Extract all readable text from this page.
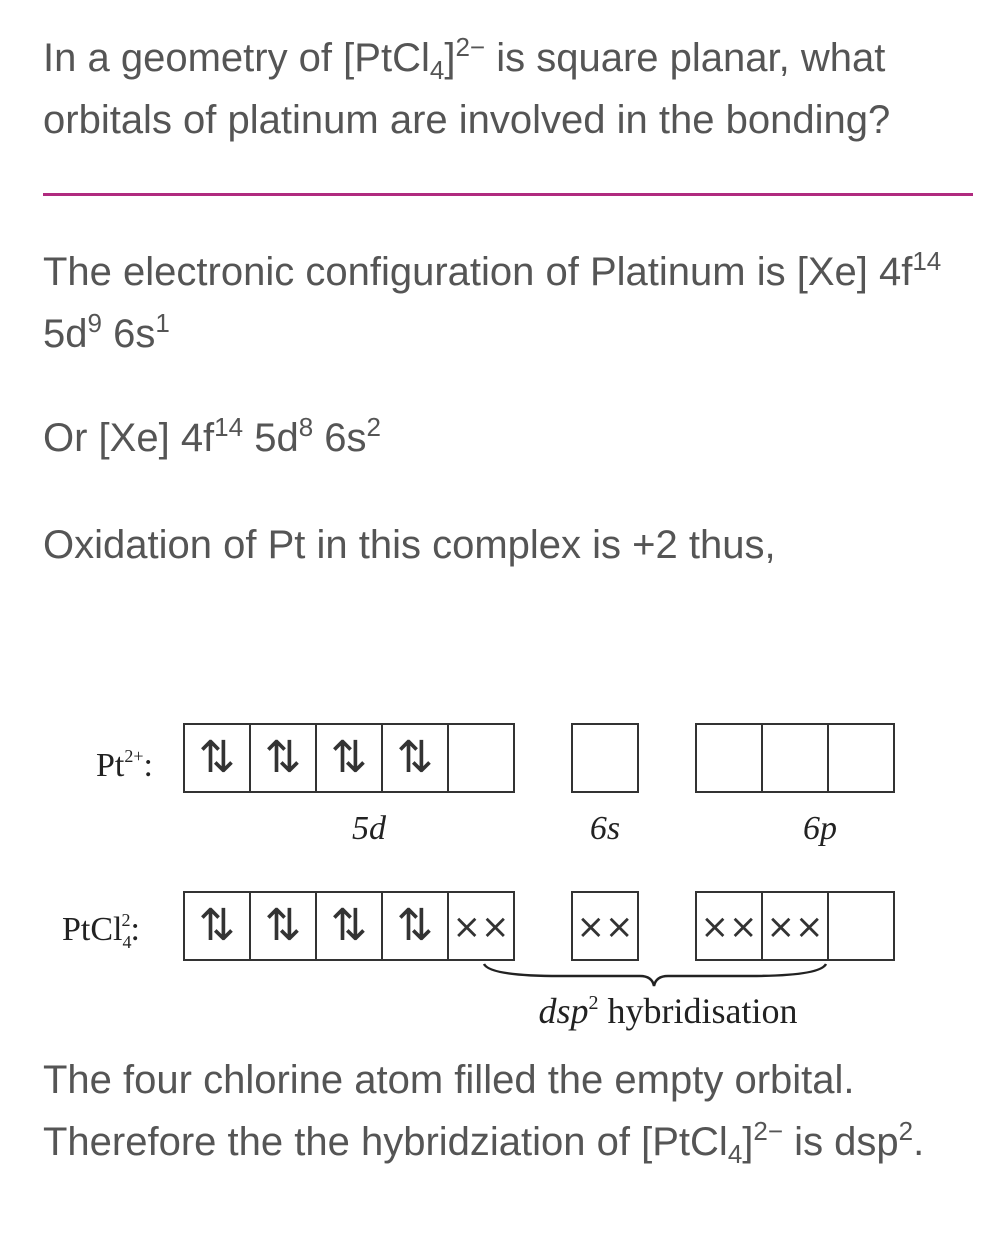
In a geometry of [PtCl$_4$]$^{2-}$ is square planar, what orbitals of platinum are involved in the bonding?

The electronic configuration of Platinum is [Xe] $4f^{14}$ $5d^9$ $6s^1$

Or [Xe] $4f^{14}$ $5d^8$ $6s^2$

Oxidation of Pt in this complex is +2 thus,

$Pt^{2+}$:
PtCl$_4$2:
⇅ ⇅ ⇅ ⇅
⇅ ⇅ ⇅ ⇅ ×× ×× ×× ××
5d	6s	6p
dsp$^2$ hybridisation

The four chlorine atom filled the empty orbital.
Therefore the the hybridziation of [PtCl$_4$]$^{2-}$ is dsp$^2$.
